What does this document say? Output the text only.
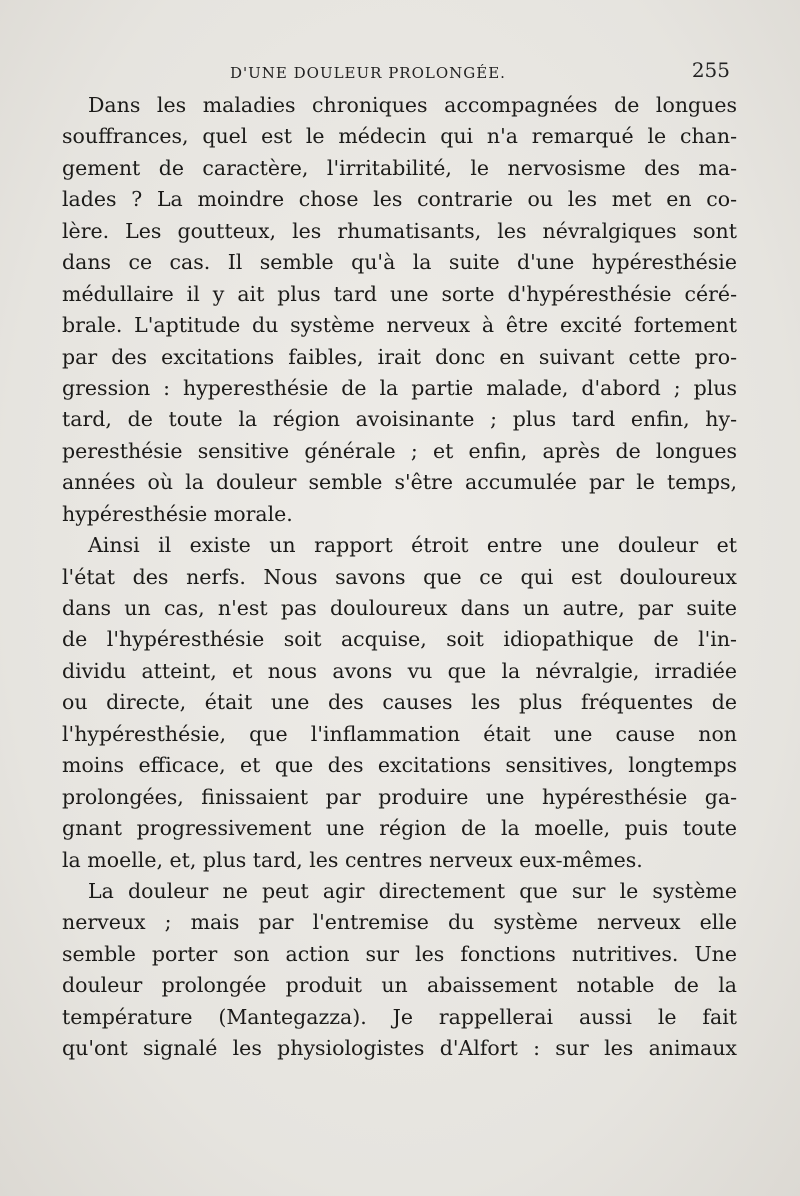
D'UNE DOULEUR PROLONGÉE.	255
Dans les maladies chroniques accompagnées de longues
souffrances, quel est le médecin qui n'a remarqué le chan-
gement de caractère, l'irritabilité, le nervosisme des ma-
lades ? La moindre chose les contrarie ou les met en co-
lère. Les goutteux, les rhumatisants, les névralgiques sont
dans ce cas. Il semble qu'à la suite d'une hypéresthésie
médullaire il y ait plus tard une sorte d'hypéresthésie céré-
brale. L'aptitude du système nerveux à être excité fortement
par des excitations faibles, irait donc en suivant cette pro-
gression : hyperesthésie de la partie malade, d'abord ; plus
tard, de toute la région avoisinante ; plus tard enfin, hy-
peresthésie sensitive générale ; et enfin, après de longues
années où la douleur semble s'être accumulée par le temps,
hypéresthésie morale.
Ainsi il existe un rapport étroit entre une douleur et
l'état des nerfs. Nous savons que ce qui est douloureux
dans un cas, n'est pas douloureux dans un autre, par suite
de l'hypéresthésie soit acquise, soit idiopathique de l'in-
dividu atteint, et nous avons vu que la névralgie, irradiée
ou directe, était une des causes les plus fréquentes de
l'hypéresthésie, que l'inflammation était une cause non
moins efficace, et que des excitations sensitives, longtemps
prolongées, finissaient par produire une hypéresthésie ga-
gnant progressivement une région de la moelle, puis toute
la moelle, et, plus tard, les centres nerveux eux-mêmes.
La douleur ne peut agir directement que sur le système
nerveux ; mais par l'entremise du système nerveux elle
semble porter son action sur les fonctions nutritives. Une
douleur prolongée produit un abaissement notable de la
température (Mantegazza). Je rappellerai aussi le fait
qu'ont signalé les physiologistes d'Alfort : sur les animaux
